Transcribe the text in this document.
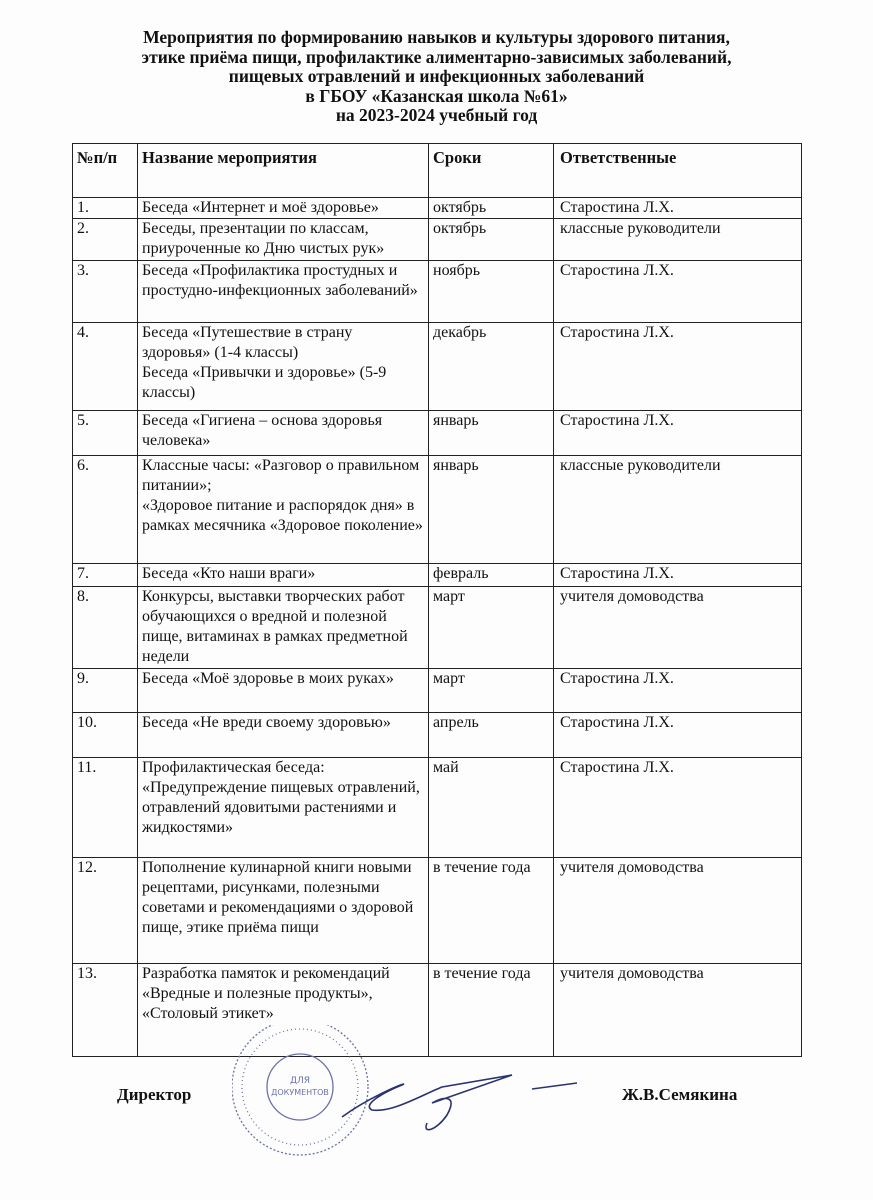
Мероприятия по формированию навыков и культуры здорового питания,
этике приёма пищи, профилактике алиментарно-зависимых заболеваний,
пищевых отравлений и инфекционных заболеваний
в ГБОУ «Казанская школа №61»
на 2023-2024 учебный год
№п/п	Название мероприятия	Сроки	Ответственные
1.	Беседа «Интернет и моё здоровье»	октябрь	Старостина Л.Х.
2.	Беседы, презентации по классам, приуроченные ко Дню чистых рук»	октябрь	классные руководители
3.	Беседа «Профилактика простудных и простудно-инфекционных заболеваний»	ноябрь	Старостина Л.Х.
4.	Беседа «Путешествие в страну здоровья» (1-4 классы)
Беседа «Привычки и здоровье» (5-9 классы)	декабрь	Старостина Л.Х.
5.	Беседа «Гигиена – основа здоровья человека»	январь	Старостина Л.Х.
6.	Классные часы: «Разговор о правильном питании»;
«Здоровое питание и распорядок дня» в рамках месячника «Здоровое поколение»	январь	классные руководители
7.	Беседа «Кто наши враги»	февраль	Старостина Л.Х.
8.	Конкурсы, выставки творческих работ обучающихся о вредной и полезной пище, витаминах в рамках предметной недели	март	учителя домоводства
9.	Беседа «Моё здоровье в моих руках»	март	Старостина Л.Х.
10.	Беседа «Не вреди своему здоровью»	апрель	Старостина Л.Х.
11.	Профилактическая беседа: «Предупреждение пищевых отравлений, отравлений ядовитыми растениями и жидкостями»	май	Старостина Л.Х.
12.	Пополнение кулинарной книги новыми рецептами, рисунками, полезными советами и рекомендациями о здоровой пище, этике приёма пищи	в течение года	учителя домоводства
13.	Разработка памяток и рекомендаций «Вредные и полезные продукты», «Столовый этикет»	в течение года	учителя домоводства
Директор	Ж.В.Семякина
ДЛЯ
ДОКУМЕНТОВ
